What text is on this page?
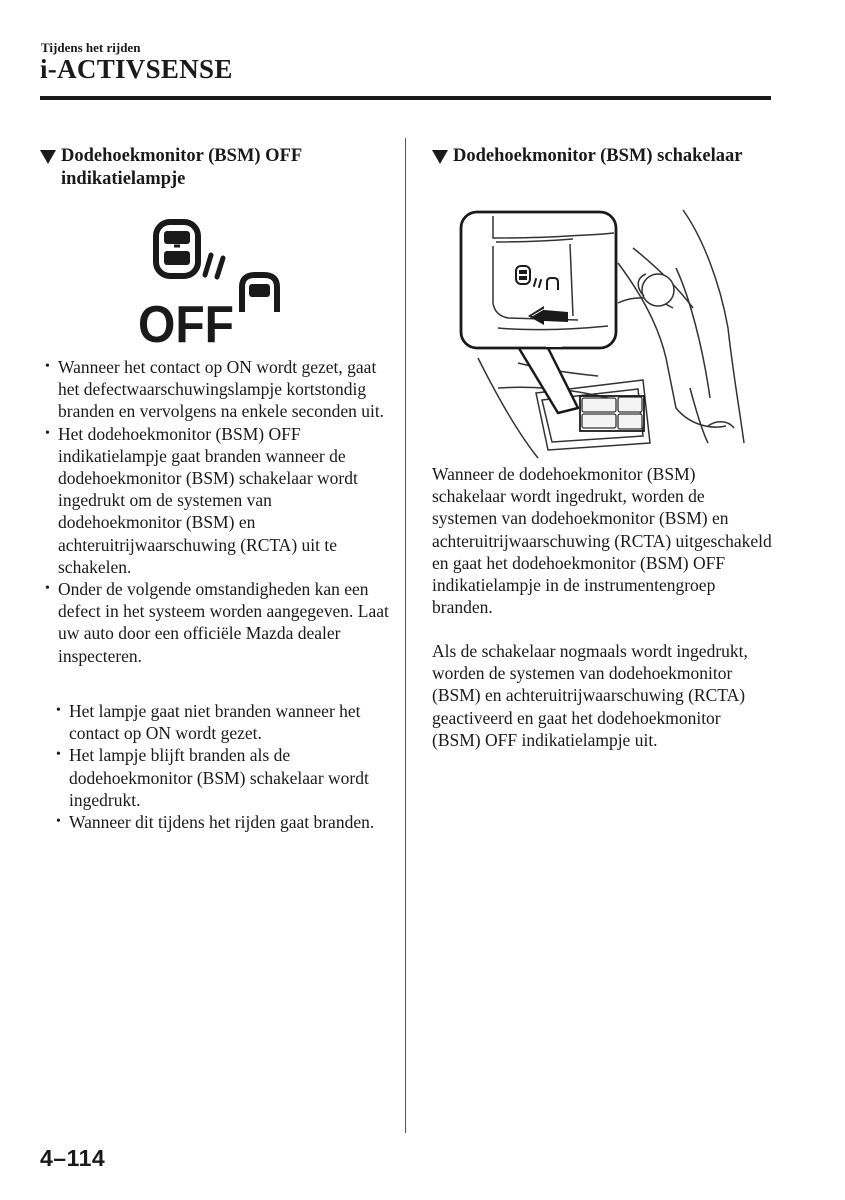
Tijdens het rijden
i-ACTIVSENSE
Dodehoekmonitor (BSM) OFF indikatielampje
OFF
• Wanneer het contact op ON wordt gezet, gaat het defectwaarschuwingslampje kortstondig branden en vervolgens na enkele seconden uit.
• Het dodehoekmonitor (BSM) OFF indikatielampje gaat branden wanneer de dodehoekmonitor (BSM) schakelaar wordt ingedrukt om de systemen van dodehoekmonitor (BSM) en achteruitrijwaarschuwing (RCTA) uit te schakelen.
• Onder de volgende omstandigheden kan een defect in het systeem worden aangegeven. Laat uw auto door een officiële Mazda dealer inspecteren.
• Het lampje gaat niet branden wanneer het contact op ON wordt gezet.
• Het lampje blijft branden als de dodehoekmonitor (BSM) schakelaar wordt ingedrukt.
• Wanneer dit tijdens het rijden gaat branden.
Dodehoekmonitor (BSM) schakelaar

Wanneer de dodehoekmonitor (BSM) schakelaar wordt ingedrukt, worden de systemen van dodehoekmonitor (BSM) en achteruitrijwaarschuwing (RCTA) uitgeschakeld en gaat het dodehoekmonitor (BSM) OFF indikatielampje in de instrumentengroep branden.

Als de schakelaar nogmaals wordt ingedrukt, worden de systemen van dodehoekmonitor (BSM) en achteruitrijwaarschuwing (RCTA) geactiveerd en gaat het dodehoekmonitor (BSM) OFF indikatielampje uit.

4–114
